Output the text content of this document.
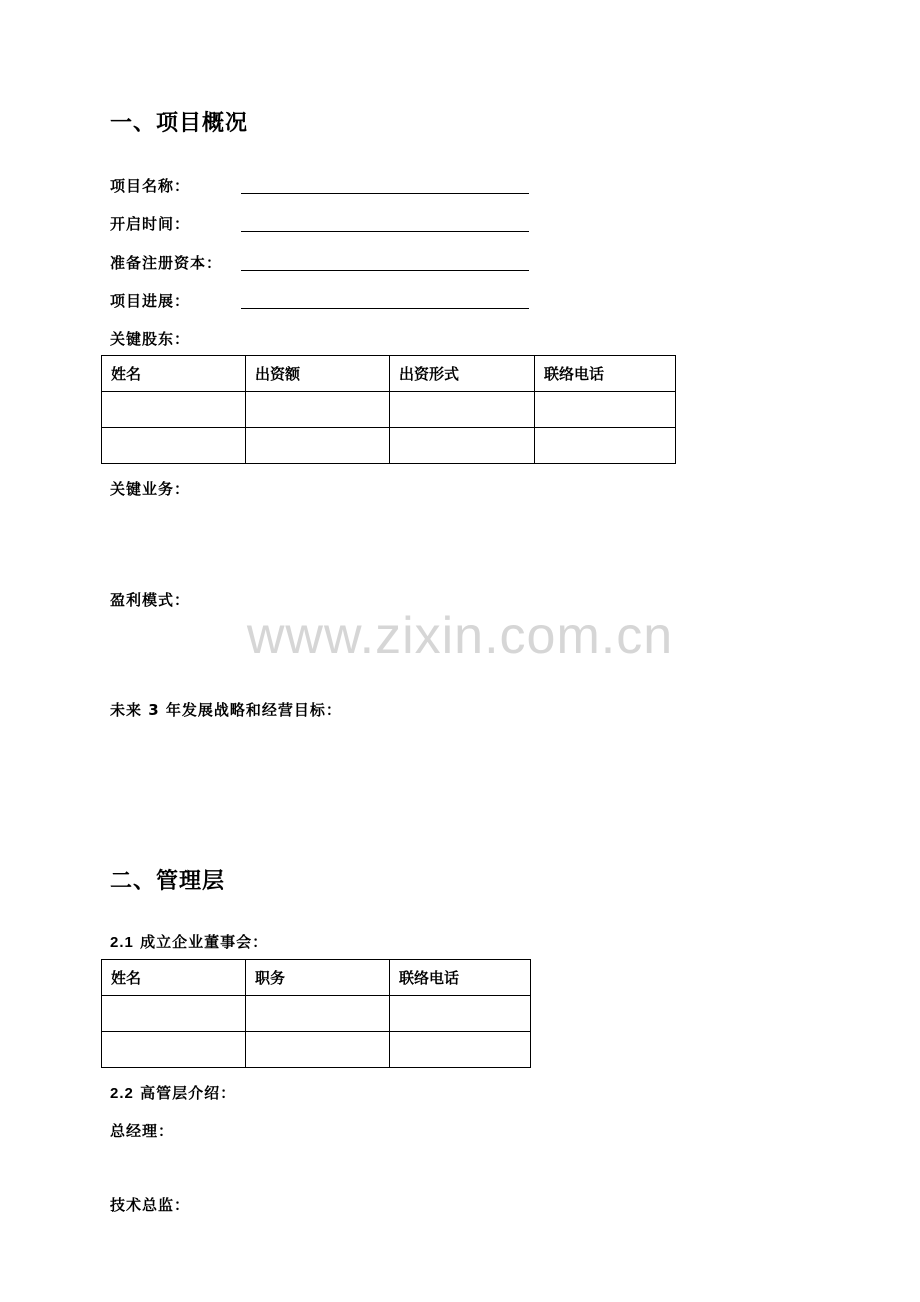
一、项目概况
项目名称：
开启时间：
准备注册资本：
项目进展：
关键股东：
姓名	出资额	出资形式	联络电话

关键业务：
盈利模式：
www.zixin.com.cn
未来 3 年发展战略和经营目标：
二、管理层
2.1 成立企业董事会：
姓名	职务	联络电话

2.2 高管层介绍：
总经理：
技术总监：
